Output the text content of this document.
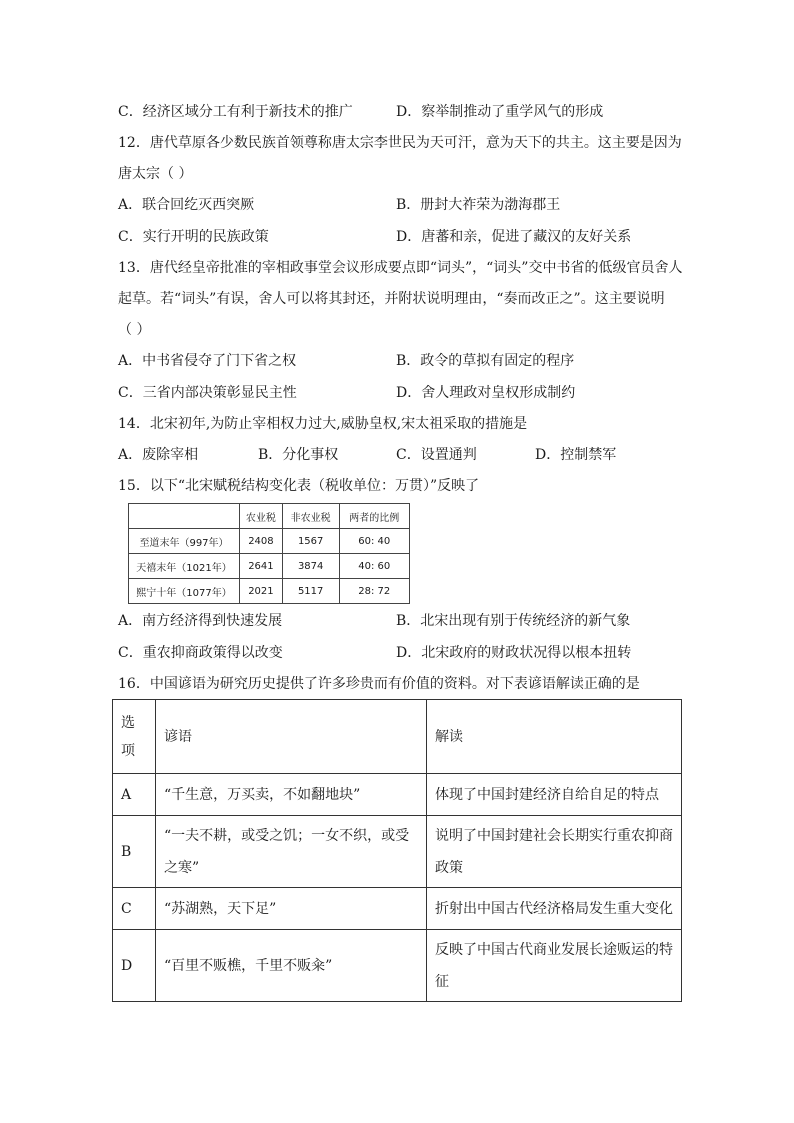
C．经济区域分工有利于新技术的推广	D．察举制推动了重学风气的形成
12．唐代草原各少数民族首领尊称唐太宗李世民为天可汗，意为天下的共主。这主要是因为
唐太宗（ ）
A．联合回纥灭西突厥	B．册封大祚荣为渤海郡王
C．实行开明的民族政策	D．唐蕃和亲，促进了藏汉的友好关系
13．唐代经皇帝批准的宰相政事堂会议形成要点即“词头”，“词头”交中书省的低级官员舍人
起草。若“词头”有误，舍人可以将其封还，并附状说明理由，“奏而改正之”。这主要说明
（ ）
A．中书省侵夺了门下省之权	B．政令的草拟有固定的程序
C．三省内部决策彰显民主性	D．舍人理政对皇权形成制约
14．北宋初年,为防止宰相权力过大,威胁皇权,宋太祖采取的措施是
A．废除宰相	B．分化事权	C．设置通判	D．控制禁军
15．以下“北宋赋税结构变化表（税收单位：万贯）”反映了
	农业税	非农业税	两者的比例
至道末年（997年）	2408	1567	60: 40
天禧末年（1021年）	2641	3874	40: 60
熙宁十年（1077年）	2021	5117	28: 72
A．南方经济得到快速发展	B．北宋出现有别于传统经济的新气象
C．重农抑商政策得以改变	D．北宋政府的财政状况得以根本扭转
16．中国谚语为研究历史提供了许多珍贵而有价值的资料。对下表谚语解读正确的是
选项	谚语	解读
A	“千生意，万买卖，不如翻地块”	体现了中国封建经济自给自足的特点
B	“一夫不耕，或受之饥；一女不织，或受之寒”	说明了中国封建社会长期实行重农抑商政策
C	“苏湖熟，天下足”	折射出中国古代经济格局发生重大变化
D	“百里不贩樵，千里不贩籴”	反映了中国古代商业发展长途贩运的特征
